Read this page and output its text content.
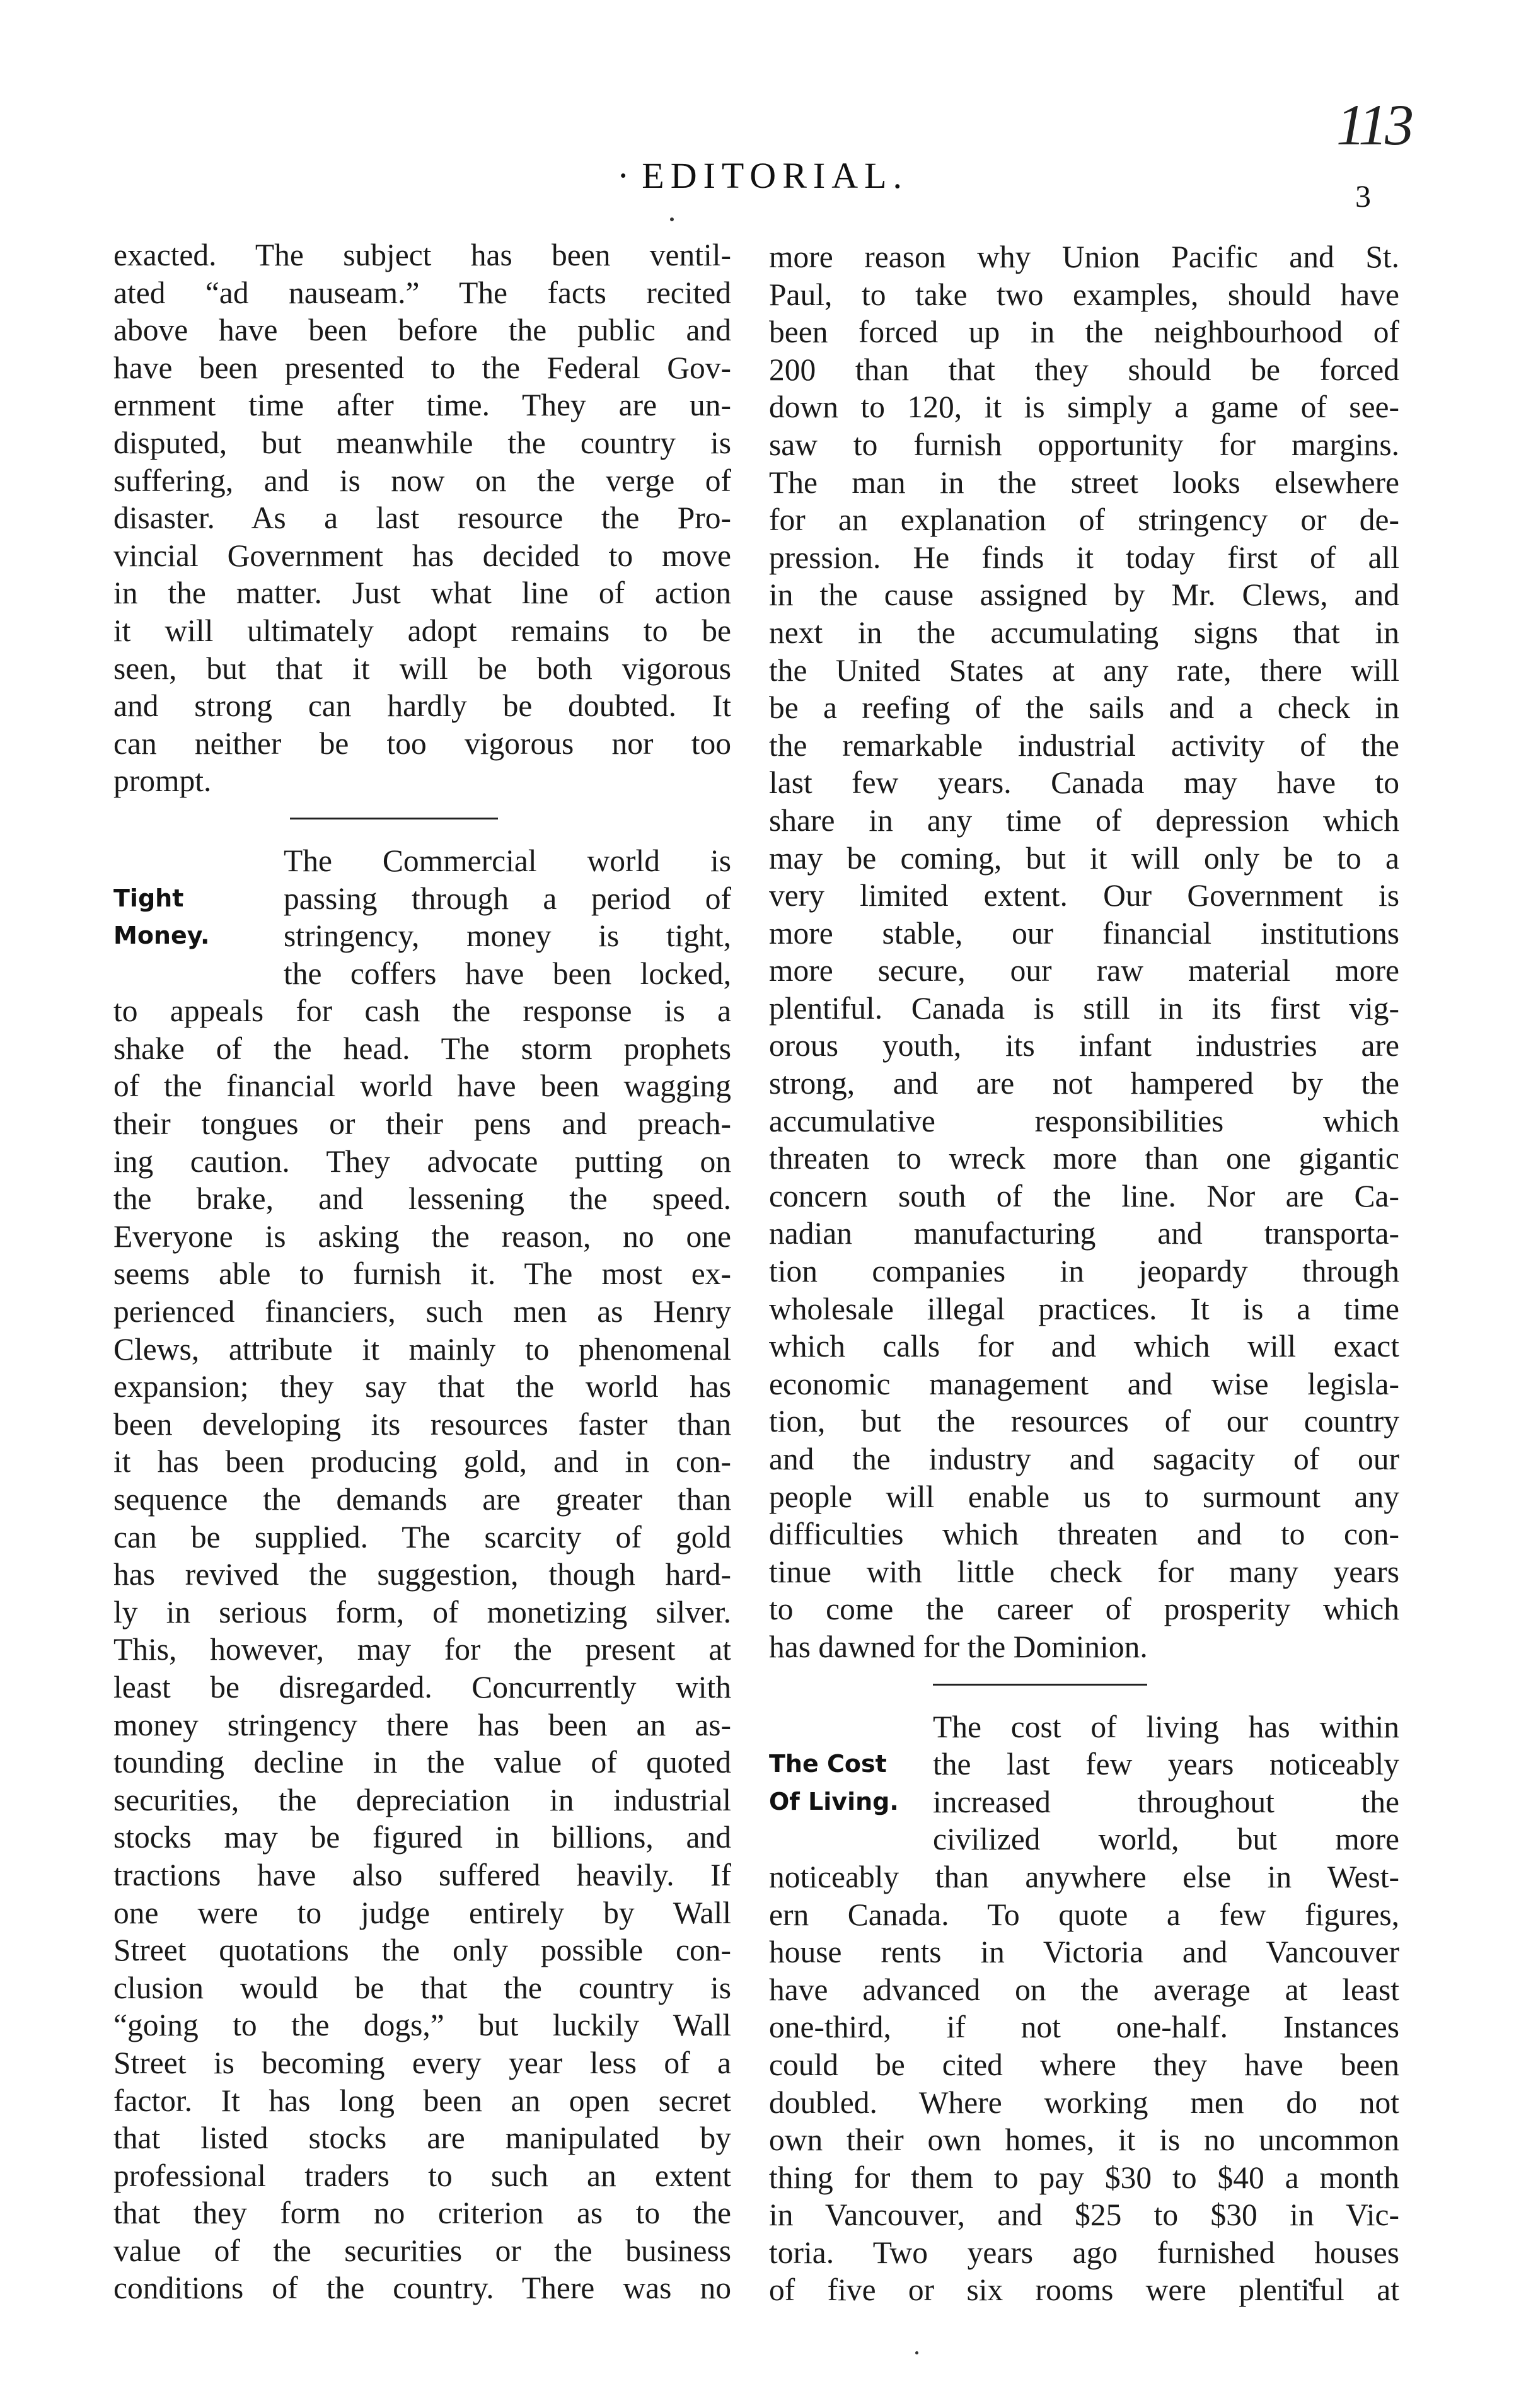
113
· EDITORIAL.	3
exacted. The subject has been ventil-
ated “ad nauseam.” The facts recited
above have been before the public and
have been presented to the Federal Gov-
ernment time after time. They are un-
disputed, but meanwhile the country is
suffering, and is now on the verge of
disaster. As a last resource the Pro-
vincial Government has decided to move
in the matter. Just what line of action
it will ultimately adopt remains to be
seen, but that it will be both vigorous
and strong can hardly be doubted. It
can neither be too vigorous nor too
prompt.
Tight
Money.
The Commercial world is
passing through a period of
stringency, money is tight,
the coffers have been locked,
to appeals for cash the response is a
shake of the head. The storm prophets
of the financial world have been wagging
their tongues or their pens and preach-
ing caution. They advocate putting on
the brake, and lessening the speed.
Everyone is asking the reason, no one
seems able to furnish it. The most ex-
perienced financiers, such men as Henry
Clews, attribute it mainly to phenomenal
expansion; they say that the world has
been developing its resources faster than
it has been producing gold, and in con-
sequence the demands are greater than
can be supplied. The scarcity of gold
has revived the suggestion, though hard-
ly in serious form, of monetizing silver.
This, however, may for the present at
least be disregarded. Concurrently with
money stringency there has been an as-
tounding decline in the value of quoted
securities, the depreciation in industrial
stocks may be figured in billions, and
tractions have also suffered heavily. If
one were to judge entirely by Wall
Street quotations the only possible con-
clusion would be that the country is
“going to the dogs,” but luckily Wall
Street is becoming every year less of a
factor. It has long been an open secret
that listed stocks are manipulated by
professional traders to such an extent
that they form no criterion as to the
value of the securities or the business
conditions of the country. There was no
more reason why Union Pacific and St.
Paul, to take two examples, should have
been forced up in the neighbourhood of
200 than that they should be forced
down to 120, it is simply a game of see-
saw to furnish opportunity for margins.
The man in the street looks elsewhere
for an explanation of stringency or de-
pression. He finds it today first of all
in the cause assigned by Mr. Clews, and
next in the accumulating signs that in
the United States at any rate, there will
be a reefing of the sails and a check in
the remarkable industrial activity of the
last few years. Canada may have to
share in any time of depression which
may be coming, but it will only be to a
very limited extent. Our Government is
more stable, our financial institutions
more secure, our raw material more
plentiful. Canada is still in its first vig-
orous youth, its infant industries are
strong, and are not hampered by the
accumulative responsibilities which
threaten to wreck more than one gigantic
concern south of the line. Nor are Ca-
nadian manufacturing and transporta-
tion companies in jeopardy through
wholesale illegal practices. It is a time
which calls for and which will exact
economic management and wise legisla-
tion, but the resources of our country
and the industry and sagacity of our
people will enable us to surmount any
difficulties which threaten and to con-
tinue with little check for many years
to come the career of prosperity which
has dawned for the Dominion.
The Cost
Of Living.
The cost of living has within
the last few years noticeably
increased throughout the
civilized world, but more
noticeably than anywhere else in West-
ern Canada. To quote a few figures,
house rents in Victoria and Vancouver
have advanced on the average at least
one-third, if not one-half. Instances
could be cited where they have been
doubled. Where working men do not
own their own homes, it is no uncommon
thing for them to pay $30 to $40 a month
in Vancouver, and $25 to $30 in Vic-
toria. Two years ago furnished houses
of five or six rooms were plentiful at
